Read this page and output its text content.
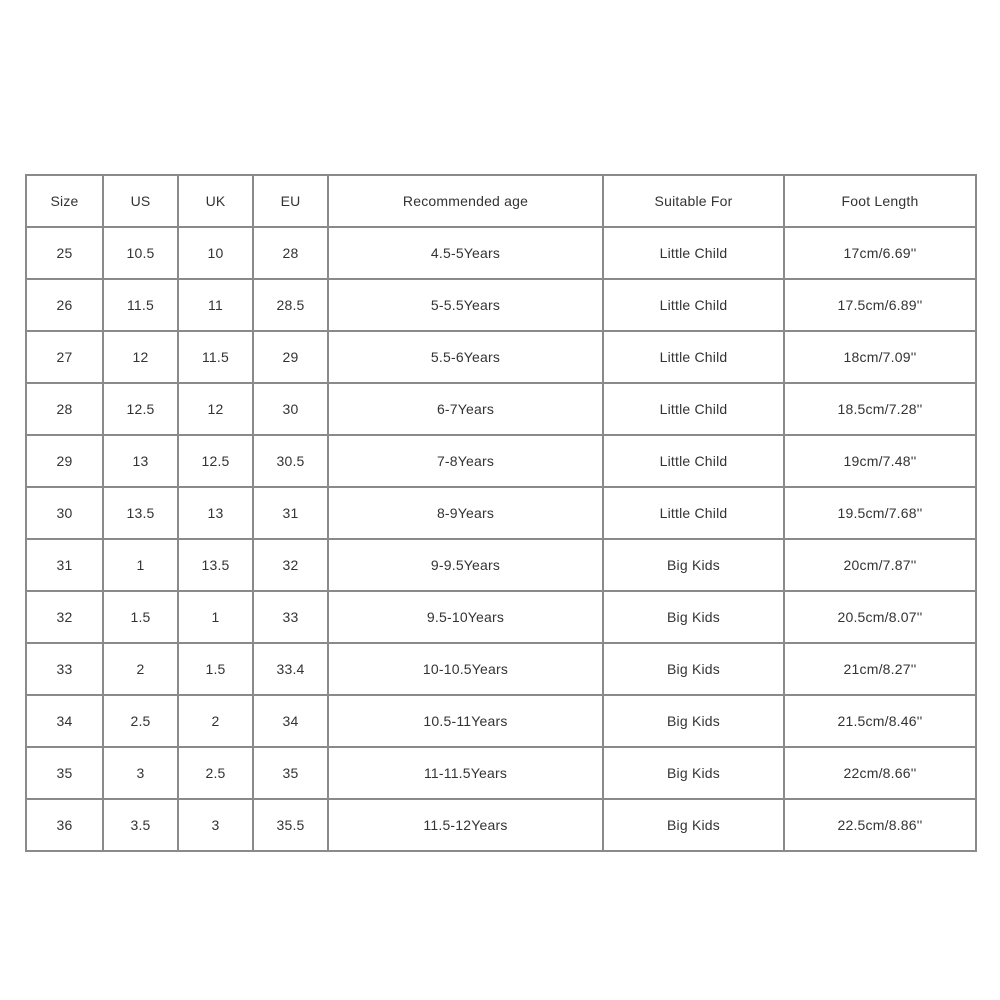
Size	US	UK	EU	Recommended age	Suitable For	Foot Length
25	10.5	10	28	4.5-5Years	Little Child	17cm/6.69''
26	11.5	11	28.5	5-5.5Years	Little Child	17.5cm/6.89''
27	12	11.5	29	5.5-6Years	Little Child	18cm/7.09''
28	12.5	12	30	6-7Years	Little Child	18.5cm/7.28''
29	13	12.5	30.5	7-8Years	Little Child	19cm/7.48''
30	13.5	13	31	8-9Years	Little Child	19.5cm/7.68''
31	1	13.5	32	9-9.5Years	Big Kids	20cm/7.87''
32	1.5	1	33	9.5-10Years	Big Kids	20.5cm/8.07''
33	2	1.5	33.4	10-10.5Years	Big Kids	21cm/8.27''
34	2.5	2	34	10.5-11Years	Big Kids	21.5cm/8.46''
35	3	2.5	35	11-11.5Years	Big Kids	22cm/8.66''
36	3.5	3	35.5	11.5-12Years	Big Kids	22.5cm/8.86''
